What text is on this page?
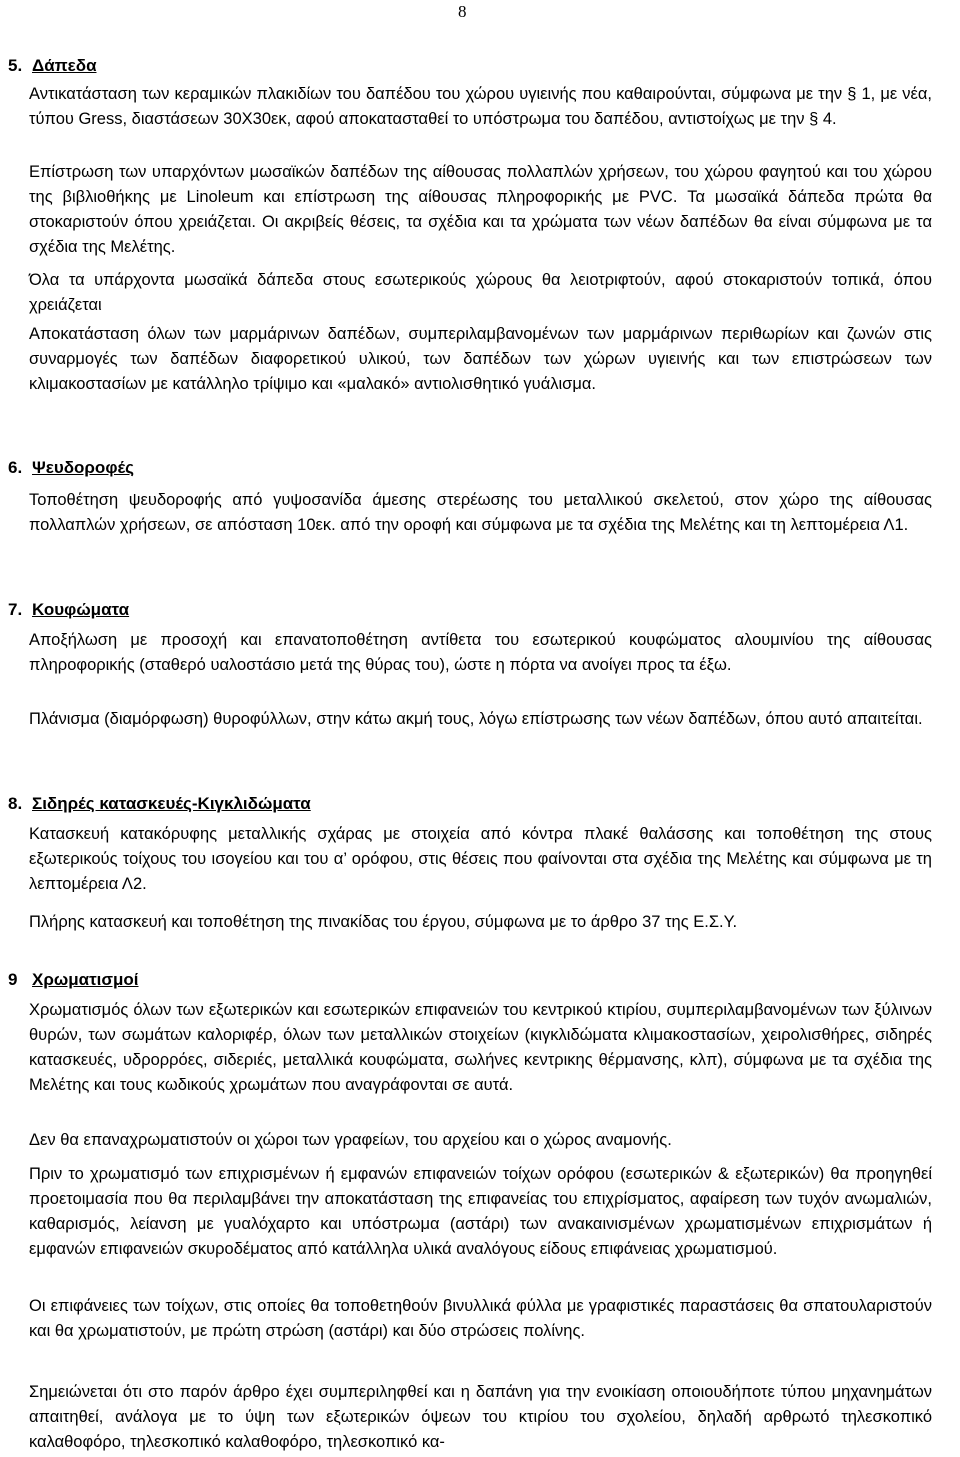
8
5. Δάπεδα

Αντικατάσταση των κεραμικών πλακιδίων του δαπέδου του χώρου υγιεινής που καθαιρούνται, σύμφωνα με την § 1, με νέα, τύπου Gress, διαστάσεων 30Χ30εκ, αφού αποκατασταθεί το υπόστρωμα του δαπέδου, αντιστοίχως με την § 4.

Επίστρωση των υπαρχόντων μωσαϊκών δαπέδων της αίθουσας πολλαπλών χρήσεων, του χώρου φαγητού και του χώρου της βιβλιοθήκης με Linoleum και επίστρωση της αίθουσας πληροφορικής με PVC. Τα μωσαϊκά δάπεδα πρώτα θα στοκαριστούν όπου χρειάζεται. Οι ακριβείς θέσεις, τα σχέδια και τα χρώματα των νέων δαπέδων θα είναι σύμφωνα με τα σχέδια της Μελέτης.

Όλα τα υπάρχοντα μωσαϊκά δάπεδα στους εσωτερικούς χώρους θα λειοτριφτούν, αφού στοκαριστούν τοπικά, όπου χρειάζεται

Αποκατάσταση όλων των μαρμάρινων δαπέδων, συμπεριλαμβανομένων των μαρμάρινων περιθωρίων και ζωνών στις συναρμογές των δαπέδων διαφορετικού υλικού, των δαπέδων των χώρων υγιεινής και των επιστρώσεων των κλιμακοστασίων με κατάλληλο τρίψιμο και «μαλακό» αντιολισθητικό γυάλισμα.

6. Ψευδοροφές

Τοποθέτηση ψευδοροφής από γυψοσανίδα άμεσης στερέωσης του μεταλλικού σκελετού, στον χώρο της αίθουσας πολλαπλών χρήσεων, σε απόσταση 10εκ. από την οροφή και σύμφωνα με τα σχέδια της Μελέτης και τη λεπτομέρεια Λ1.

7. Κουφώματα

Αποξήλωση με προσοχή και επανατοποθέτηση αντίθετα του εσωτερικού κουφώματος αλουμινίου της αίθουσας πληροφορικής (σταθερό υαλοστάσιο μετά της θύρας του), ώστε η πόρτα να ανοίγει προς τα έξω.

Πλάνισμα (διαμόρφωση) θυροφύλλων, στην κάτω ακμή τους, λόγω επίστρωσης των νέων δαπέδων, όπου αυτό απαιτείται.

8. Σιδηρές κατασκευές-Κιγκλιδώματα

Κατασκευή κατακόρυφης μεταλλικής σχάρας με στοιχεία από κόντρα πλακέ θαλάσσης και τοποθέτηση της στους εξωτερικούς τοίχους του ισογείου και του α’ ορόφου, στις θέσεις που φαίνονται στα σχέδια της Μελέτης και σύμφωνα με τη λεπτομέρεια Λ2.

Πλήρης κατασκευή και τοποθέτηση της πινακίδας του έργου, σύμφωνα με το άρθρο 37 της Ε.Σ.Υ.

9 Χρωματισμοί

Χρωματισμός όλων των εξωτερικών και εσωτερικών επιφανειών του κεντρικού κτιρίου, συμπεριλαμβανομένων των ξύλινων θυρών, των σωμάτων καλοριφέρ, όλων των μεταλλικών στοιχείων (κιγκλιδώματα κλιμακοστασίων, χειρολισθήρες, σιδηρές κατασκευές, υδρορρόες, σιδεριές, μεταλλικά κουφώματα, σωλήνες κεντρικης θέρμανσης, κλπ), σύμφωνα με τα σχέδια της Μελέτης και τους κωδικούς χρωμάτων που αναγράφονται σε αυτά.

Δεν θα επαναχρωματιστούν οι χώροι των γραφείων, του αρχείου και ο χώρος αναμονής.

Πριν το χρωματισμό των επιχρισμένων ή εμφανών επιφανειών τοίχων ορόφου (εσωτερικών & εξωτερικών) θα προηγηθεί προετοιμασία που θα περιλαμβάνει την αποκατάσταση της επιφανείας του επιχρίσματος, αφαίρεση των τυχόν ανωμαλιών, καθαρισμός, λείανση με γυαλόχαρτο και υπόστρωμα (αστάρι) των ανακαινισμένων χρωματισμένων επιχρισμάτων ή εμφανών επιφανειών σκυροδέματος από κατάλληλα υλικά αναλόγους είδους επιφάνειας χρωματισμού.

Οι επιφάνειες των τοίχων, στις οποίες θα τοποθετηθούν βινυλλικά φύλλα με γραφιστικές παραστάσεις θα σπατουλαριστούν και θα χρωματιστούν, με πρώτη στρώση (αστάρι) και δύο στρώσεις πολίνης.

Σημειώνεται ότι στο παρόν άρθρο έχει συμπεριληφθεί και η δαπάνη για την ενοικίαση οποιουδήποτε τύπου μηχανημάτων απαιτηθεί, ανάλογα με το ύψη των εξωτερικών όψεων του κτιρίου του σχολείου, δηλαδή αρθρωτό τηλεσκοπικό καλαθοφόρο, τηλεσκοπικό καλαθοφόρο, τηλεσκοπικό κα-
